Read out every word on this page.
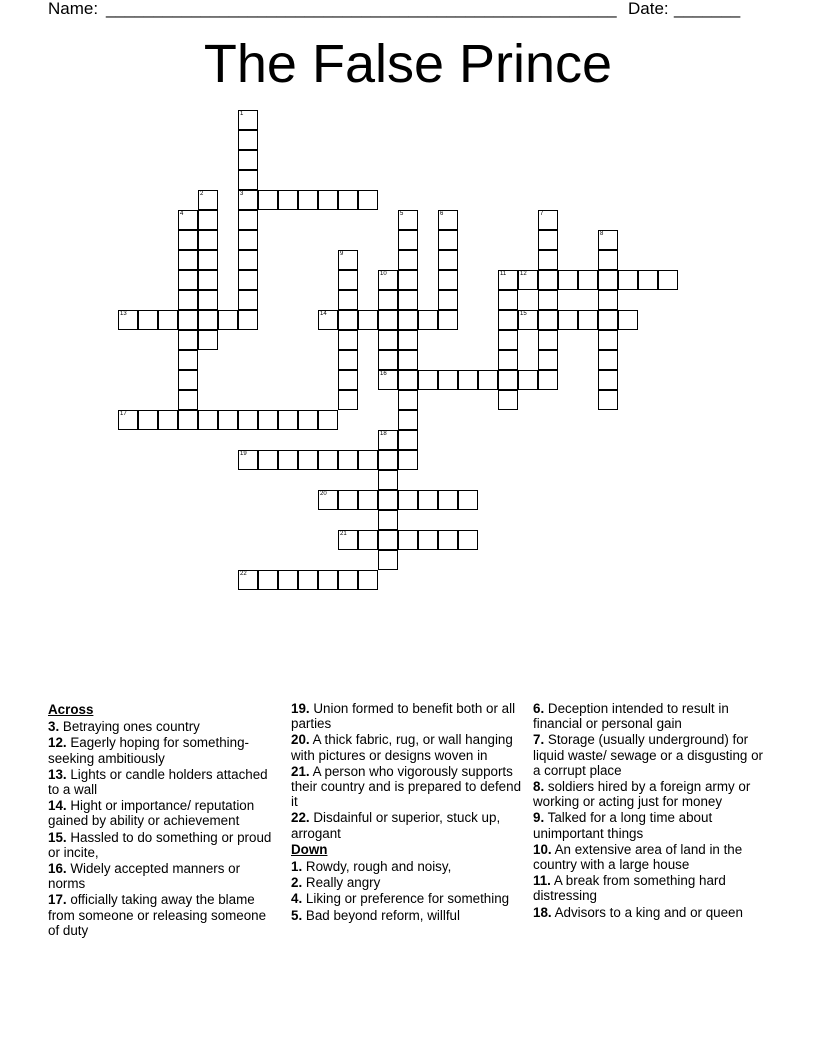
Name: ______________________________________________________ Date: _______
The False Prince
1
3
2
4	5	6	7
8
9
10	11 12
13	14	15
16
17
18
19
20
21
22
Across
3. Betraying ones country
12. Eagerly hoping for something-seeking ambitiously
13. Lights or candle holders attached to a wall
14. Hight or importance/ reputation gained by ability or achievement
15. Hassled to do something or proud or incite,
16. Widely accepted manners or norms
17. officially taking away the blame from someone or releasing someone of duty
19. Union formed to benefit both or all parties
20. A thick fabric, rug, or wall hanging with pictures or designs woven in
21. A person who vigorously supports their country and is prepared to defend it
22. Disdainful or superior, stuck up, arrogant
Down
1. Rowdy, rough and noisy,
2. Really angry
4. Liking or preference for something
5. Bad beyond reform, willful
6. Deception intended to result in financial or personal gain
7. Storage (usually underground) for liquid waste/ sewage or a disgusting or a corrupt place
8. soldiers hired by a foreign army or working or acting just for money
9. Talked for a long time about unimportant things
10. An extensive area of land in the country with a large house
11. A break from something hard distressing
18. Advisors to a king and or queen
